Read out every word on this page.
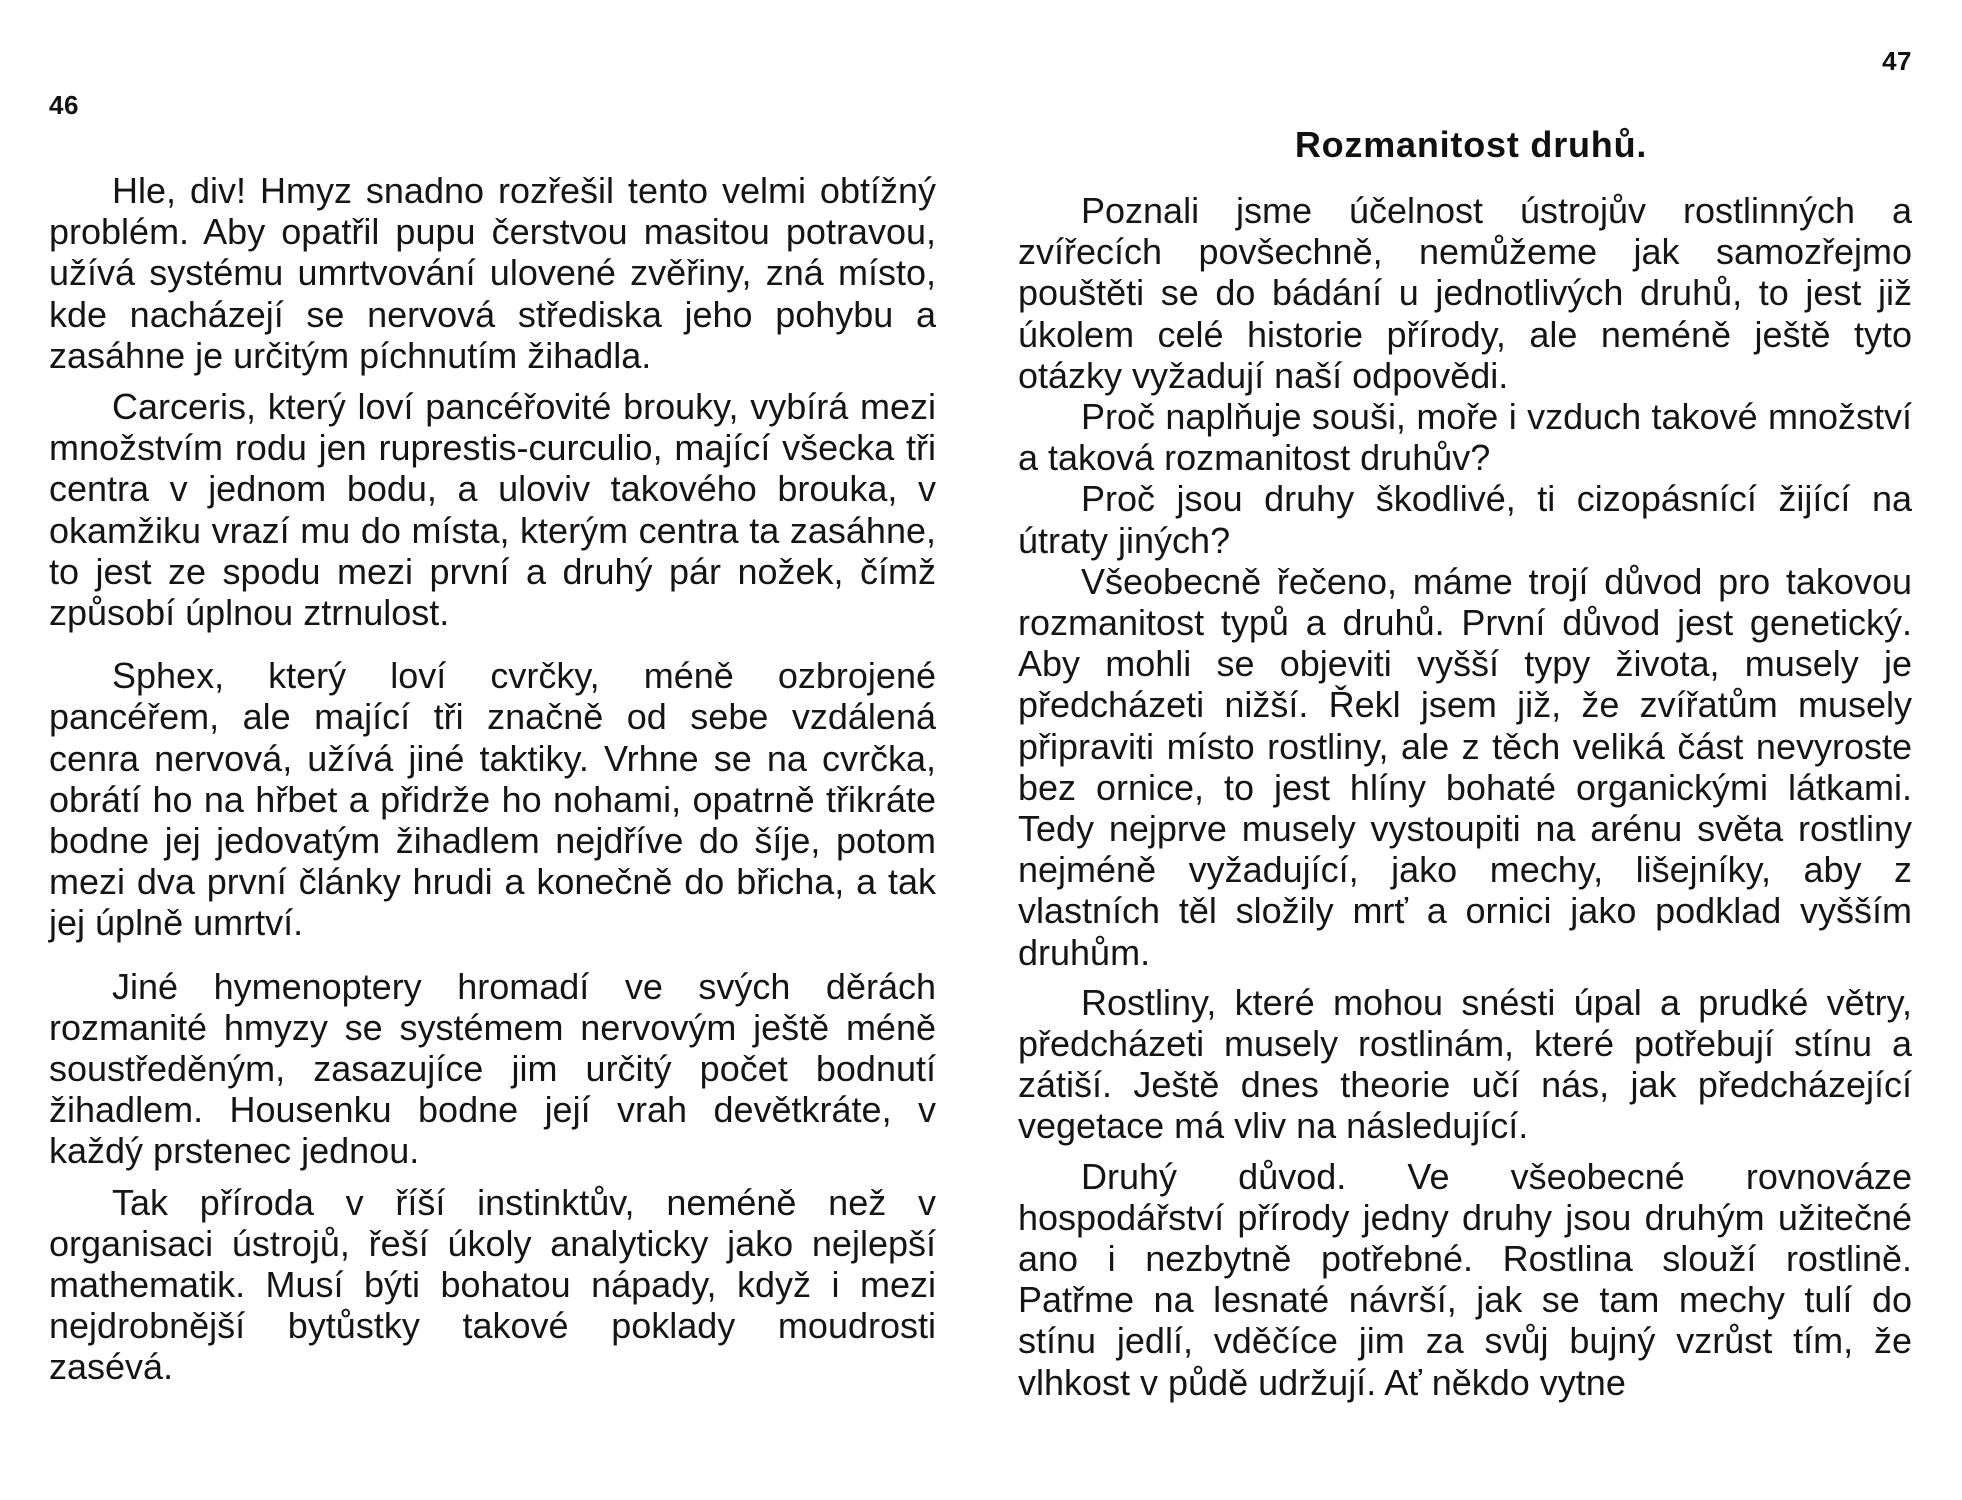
46

Hle, div! Hmyz snadno rozřešil tento velmi obtížný problém. Aby opatřil pupu čerstvou masitou potravou, užívá systému umrtvování ulovené zvěřiny, zná místo, kde nacházejí se nervová střediska jeho pohybu a zasáhne je určitým píchnutím žihadla.

Carceris, který loví pancéřovité brouky, vybírá mezi množstvím rodu jen ruprestis-curculio, mající všecka tři centra v jednom bodu, a uloviv takového brouka, v okamžiku vrazí mu do místa, kterým centra ta zasáhne, to jest ze spodu mezi první a druhý pár nožek, čímž způsobí úplnou ztrnulost.

Sphex, který loví cvrčky, méně ozbrojené pancéřem, ale mající tři značně od sebe vzdálená cenra nervová, užívá jiné taktiky. Vrhne se na cvrčka, obrátí ho na hřbet a přidrže ho nohami, opatrně třikráte bodne jej jedovatým žihadlem nejdříve do šíje, potom mezi dva první články hrudi a konečně do břicha, a tak jej úplně umrtví.

Jiné hymenoptery hromadí ve svých děrách rozmanité hmyzy se systémem nervovým ještě méně soustředěným, zasazujíce jim určitý počet bodnutí žihadlem. Housenku bodne její vrah devětkráte, v každý prstenec jednou.

Tak příroda v říší instinktův, neméně než v organisaci ústrojů, řeší úkoly analyticky jako nejlepší mathematik. Musí býti bohatou nápady, když i mezi nejdrobnější bytůstky takové poklady moudrosti zasévá.

47
Rozmanitost druhů.

Poznali jsme účelnost ústrojův rostlinných a zvířecích povšechně, nemůžeme jak samozřejmo pouštěti se do bádání u jednotlivých druhů, to jest již úkolem celé historie přírody, ale neméně ještě tyto otázky vyžadují naší odpovědi.

Proč naplňuje souši, moře i vzduch takové množství a taková rozmanitost druhův?

Proč jsou druhy škodlivé, ti cizopásnící žijící na útraty jiných?

Všeobecně řečeno, máme trojí důvod pro takovou rozmanitost typů a druhů. První důvod jest genetický. Aby mohli se objeviti vyšší typy života, musely je předcházeti nižší. Řekl jsem již, že zvířatům musely připraviti místo rostliny, ale z těch veliká část nevyroste bez ornice, to jest hlíny bohaté organickými látkami. Tedy nejprve musely vystoupiti na arénu světa rostliny nejméně vyžadující, jako mechy, lišejníky, aby z vlastních těl složily mrť a ornici jako podklad vyšším druhům.

Rostliny, které mohou snésti úpal a prudké větry, předcházeti musely rostlinám, které potřebují stínu a zátiší. Ještě dnes theorie učí nás, jak předcházející vegetace má vliv na následující.

Druhý důvod. Ve všeobecné rovnováze hospodářství přírody jedny druhy jsou druhým užitečné ano i nezbytně potřebné. Rostlina slouží rostlině. Patřme na lesnaté návrší, jak se tam mechy tulí do stínu jedlí, vděčíce jim za svůj bujný vzrůst tím, že vlhkost v půdě udržují. Ať někdo vytne
